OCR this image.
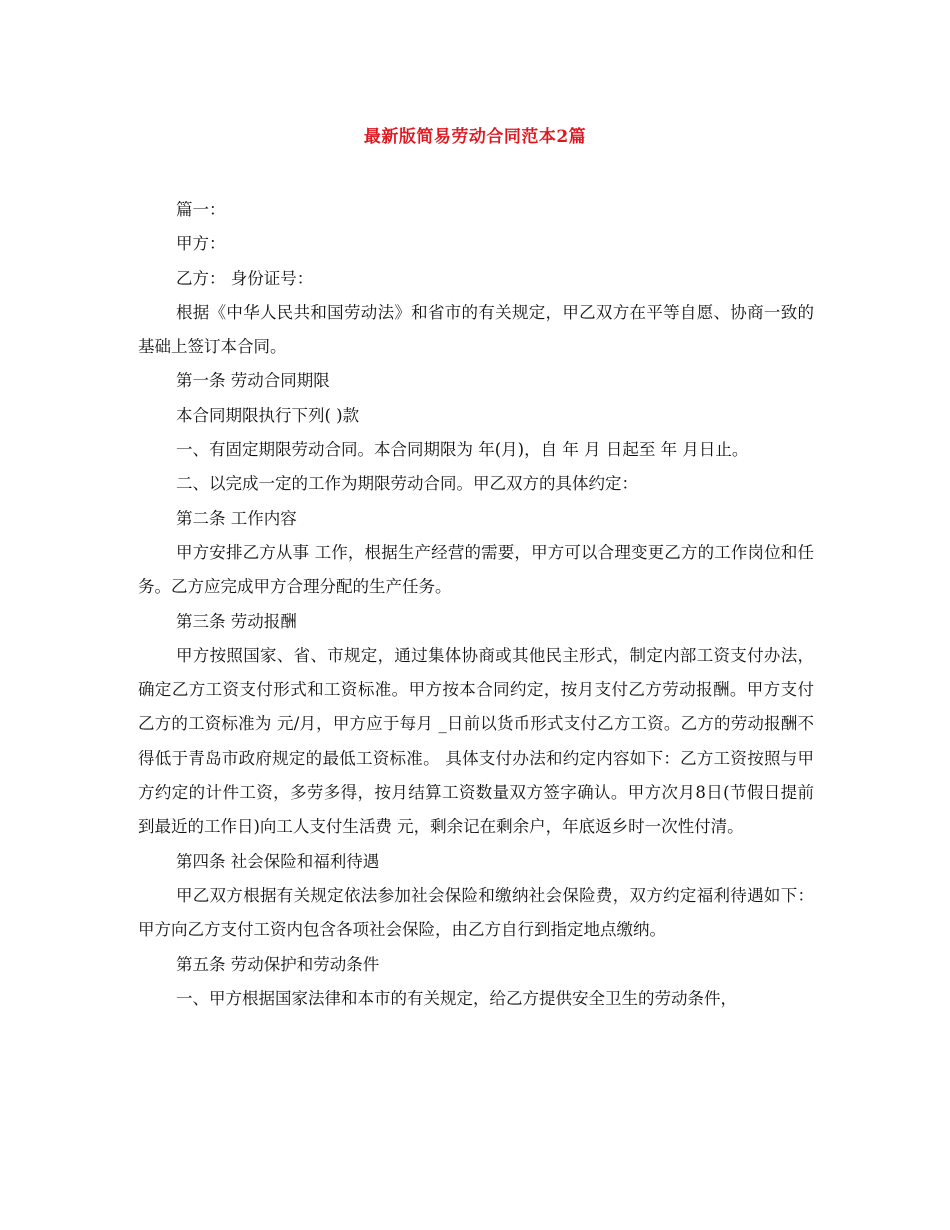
最新版简易劳动合同范本2篇

篇一：

甲方：

乙方： 身份证号：

根据《中华人民共和国劳动法》和省市的有关规定，甲乙双方在平等自愿、协商一致的基础上签订本合同。

第一条 劳动合同期限

本合同期限执行下列( )款

一、有固定期限劳动合同。本合同期限为 年(月)，自 年 月 日起至 年 月日止。

二、以完成一定的工作为期限劳动合同。甲乙双方的具体约定：

第二条 工作内容

甲方安排乙方从事 工作，根据生产经营的需要，甲方可以合理变更乙方的工作岗位和任务。乙方应完成甲方合理分配的生产任务。

第三条 劳动报酬

甲方按照国家、省、市规定，通过集体协商或其他民主形式，制定内部工资支付办法，确定乙方工资支付形式和工资标准。甲方按本合同约定，按月支付乙方劳动报酬。甲方支付乙方的工资标准为 元/月，甲方应于每月 _日前以货币形式支付乙方工资。乙方的劳动报酬不得低于青岛市政府规定的最低工资标准。 具体支付办法和约定内容如下：乙方工资按照与甲方约定的计件工资，多劳多得，按月结算工资数量双方签字确认。甲方次月8日(节假日提前到最近的工作日)向工人支付生活费 元，剩余记在剩余户，年底返乡时一次性付清。

第四条 社会保险和福利待遇

甲乙双方根据有关规定依法参加社会保险和缴纳社会保险费，双方约定福利待遇如下：甲方向乙方支付工资内包含各项社会保险，由乙方自行到指定地点缴纳。

第五条 劳动保护和劳动条件

一、甲方根据国家法律和本市的有关规定，给乙方提供安全卫生的劳动条件，
